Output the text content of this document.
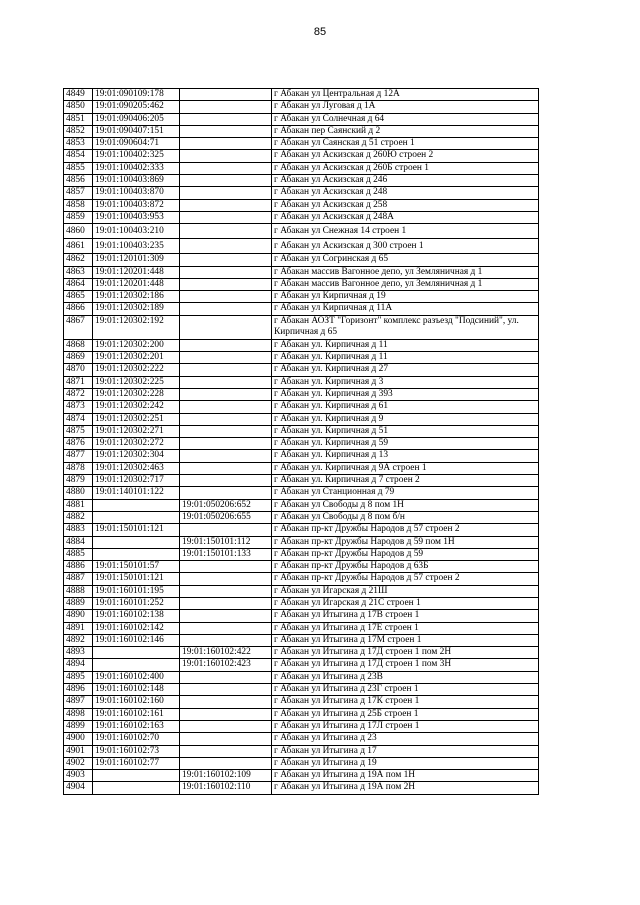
85
4849	19:01:090109:178		г Абакан ул Центральная д 12А
4850	19:01:090205:462		г Абакан ул Луговая д 1А
4851	19:01:090406:205		г Абакан ул Солнечная д 64
4852	19:01:090407:151		г Абакан пер Саянский д 2
4853	19:01:090604:71		г Абакан ул Саянская д 51 строен 1
4854	19:01:100402:325		г Абакан ул Аскизская д 260Ю строен 2
4855	19:01:100402:333		г Абакан ул Аскизская д 260Б строен 1
4856	19:01:100403:869		г Абакан ул Аскизская д 246
4857	19:01:100403:870		г Абакан ул Аскизская д 248
4858	19:01:100403:872		г Абакан ул Аскизская д 258
4859	19:01:100403:953		г Абакан ул Аскизская д 248А
4860	19:01:100403:210		г Абакан ул Снежная 14 строен 1
4861	19:01:100403:235		г Абакан ул Аскизская д 300 строен 1
4862	19:01:120101:309		г Абакан ул Согринская д 65
4863	19:01:120201:448		г Абакан массив Вагонное депо, ул Земляничная д 1
4864	19:01:120201:448		г Абакан массив Вагонное депо, ул Земляничная д 1
4865	19:01:120302:186		г Абакан ул Кирпичная д 19
4866	19:01:120302:189		г Абакан ул Кирпичная д 11А
4867	19:01:120302:192		г Абакан АОЗТ "Горизонт" комплекс разъезд "Подсиний", ул. Кирпичная д 65
4868	19:01:120302:200		г Абакан ул. Кирпичная д 11
4869	19:01:120302:201		г Абакан ул. Кирпичная д 11
4870	19:01:120302:222		г Абакан ул. Кирпичная д 27
4871	19:01:120302:225		г Абакан ул. Кирпичная д 3
4872	19:01:120302:228		г Абакан ул. Кирпичная д 393
4873	19:01:120302:242		г Абакан ул. Кирпичная д 61
4874	19:01:120302:251		г Абакан ул. Кирпичная д 9
4875	19:01:120302:271		г Абакан ул. Кирпичная д 51
4876	19:01:120302:272		г Абакан ул. Кирпичная д 59
4877	19:01:120302:304		г Абакан ул. Кирпичная д 13
4878	19:01:120302:463		г Абакан ул. Кирпичная д 9А строен 1
4879	19:01:120302:717		г Абакан ул. Кирпичная д 7 строен 2
4880	19:01:140101:122		г Абакан ул Станционная д 79
4881		19:01:050206:652	г Абакан ул Свободы д 8 пом 1Н
4882		19:01:050206:655	г Абакан ул Свободы д 8 пом б/н
4883	19:01:150101:121		г Абакан пр-кт Дружбы Народов д 57 строен 2
4884		19:01:150101:112	г Абакан пр-кт Дружбы Народов д 59 пом 1Н
4885		19:01:150101:133	г Абакан пр-кт Дружбы Народов д 59
4886	19:01:150101:57		г Абакан пр-кт Дружбы Народов д 63Б
4887	19:01:150101:121		г Абакан пр-кт Дружбы Народов д 57 строен 2
4888	19:01:160101:195		г Абакан ул Игарская д 21Ш
4889	19:01:160101:252		г Абакан ул Игарская д 21С строен 1
4890	19:01:160102:138		г Абакан ул Итыгина д 17В строен 1
4891	19:01:160102:142		г Абакан ул Итыгина д 17Е строен 1
4892	19:01:160102:146		г Абакан ул Итыгина д 17М строен 1
4893		19:01:160102:422	г Абакан ул Итыгина д 17Д строен 1 пом 2Н
4894		19:01:160102:423	г Абакан ул Итыгина д 17Д строен 1 пом 3Н
4895	19:01:160102:400		г Абакан ул Итыгина д 23В
4896	19:01:160102:148		г Абакан ул Итыгина д 23Г строен 1
4897	19:01:160102:160		г Абакан ул Итыгина д 17К строен 1
4898	19:01:160102:161		г Абакан ул Итыгина д 25Б строен 1
4899	19:01:160102:163		г Абакан ул Итыгина д 17Л строен 1
4900	19:01:160102:70		г Абакан ул Итыгина д 23
4901	19:01:160102:73		г Абакан ул Итыгина д 17
4902	19:01:160102:77		г Абакан ул Итыгина д 19
4903		19:01:160102:109	г Абакан ул Итыгина д 19А пом 1Н
4904		19:01:160102:110	г Абакан ул Итыгина д 19А пом 2Н
